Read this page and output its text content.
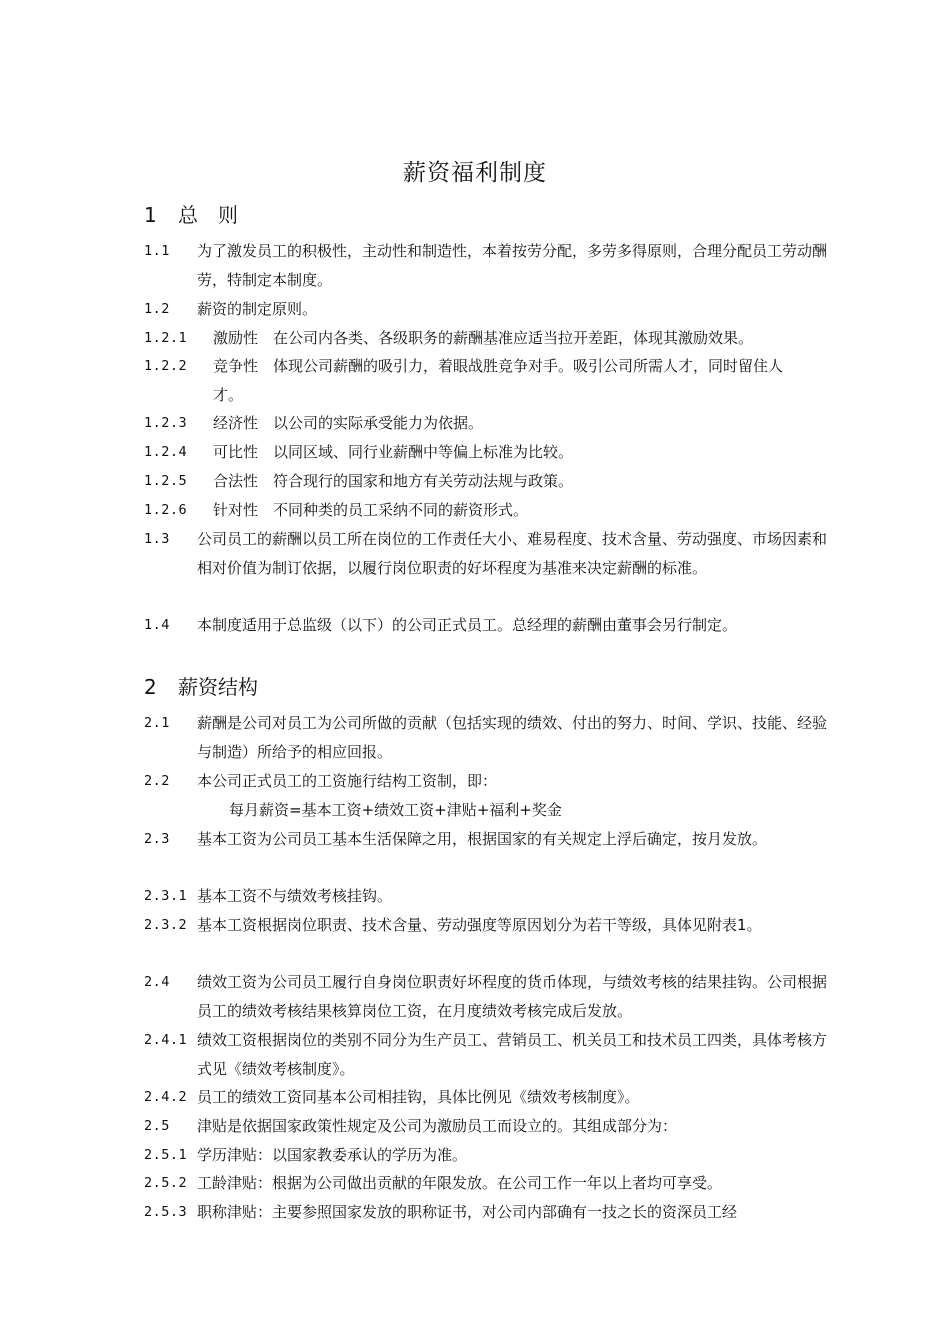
薪资福利制度
1 总　则
1.1	为了激发员工的积极性，主动性和制造性，本着按劳分配，多劳多得原则，合理分配员工劳动酬劳，特制定本制度。
1.2	薪资的制定原则。
1.2.1	激励性　在公司内各类、各级职务的薪酬基准应适当拉开差距，体现其激励效果。
1.2.2	竞争性　体现公司薪酬的吸引力，着眼战胜竞争对手。吸引公司所需人才，同时留住人才。
1.2.3	经济性　以公司的实际承受能力为依据。
1.2.4	可比性　以同区域、同行业薪酬中等偏上标准为比较。
1.2.5	合法性　符合现行的国家和地方有关劳动法规与政策。
1.2.6	针对性　不同种类的员工采纳不同的薪资形式。
1.3	公司员工的薪酬以员工所在岗位的工作责任大小、难易程度、技术含量、劳动强度、市场因素和相对价值为制订依据，以履行岗位职责的好坏程度为基准来决定薪酬的标准。
1.4	本制度适用于总监级（以下）的公司正式员工。总经理的薪酬由董事会另行制定。
2 薪资结构
2.1	薪酬是公司对员工为公司所做的贡献（包括实现的绩效、付出的努力、时间、学识、技能、经验与制造）所给予的相应回报。
2.2	本公司正式员工的工资施行结构工资制，即：
每月薪资=基本工资+绩效工资+津贴+福利+奖金
2.3	基本工资为公司员工基本生活保障之用，根据国家的有关规定上浮后确定，按月发放。
2.3.1 基本工资不与绩效考核挂钩。
2.3.2 基本工资根据岗位职责、技术含量、劳动强度等原因划分为若干等级，具体见附表1。
2.4	绩效工资为公司员工履行自身岗位职责好坏程度的货币体现，与绩效考核的结果挂钩。公司根据员工的绩效考核结果核算岗位工资，在月度绩效考核完成后发放。
2.4.1 绩效工资根据岗位的类别不同分为生产员工、营销员工、机关员工和技术员工四类，具体考核方式见《绩效考核制度》。
2.4.2 员工的绩效工资同基本公司相挂钩，具体比例见《绩效考核制度》。
2.5	津贴是依据国家政策性规定及公司为激励员工而设立的。其组成部分为：
2.5.1 学历津贴：以国家教委承认的学历为准。
2.5.2 工龄津贴：根据为公司做出贡献的年限发放。在公司工作一年以上者均可享受。
2.5.3 职称津贴：主要参照国家发放的职称证书，对公司内部确有一技之长的资深员工经
